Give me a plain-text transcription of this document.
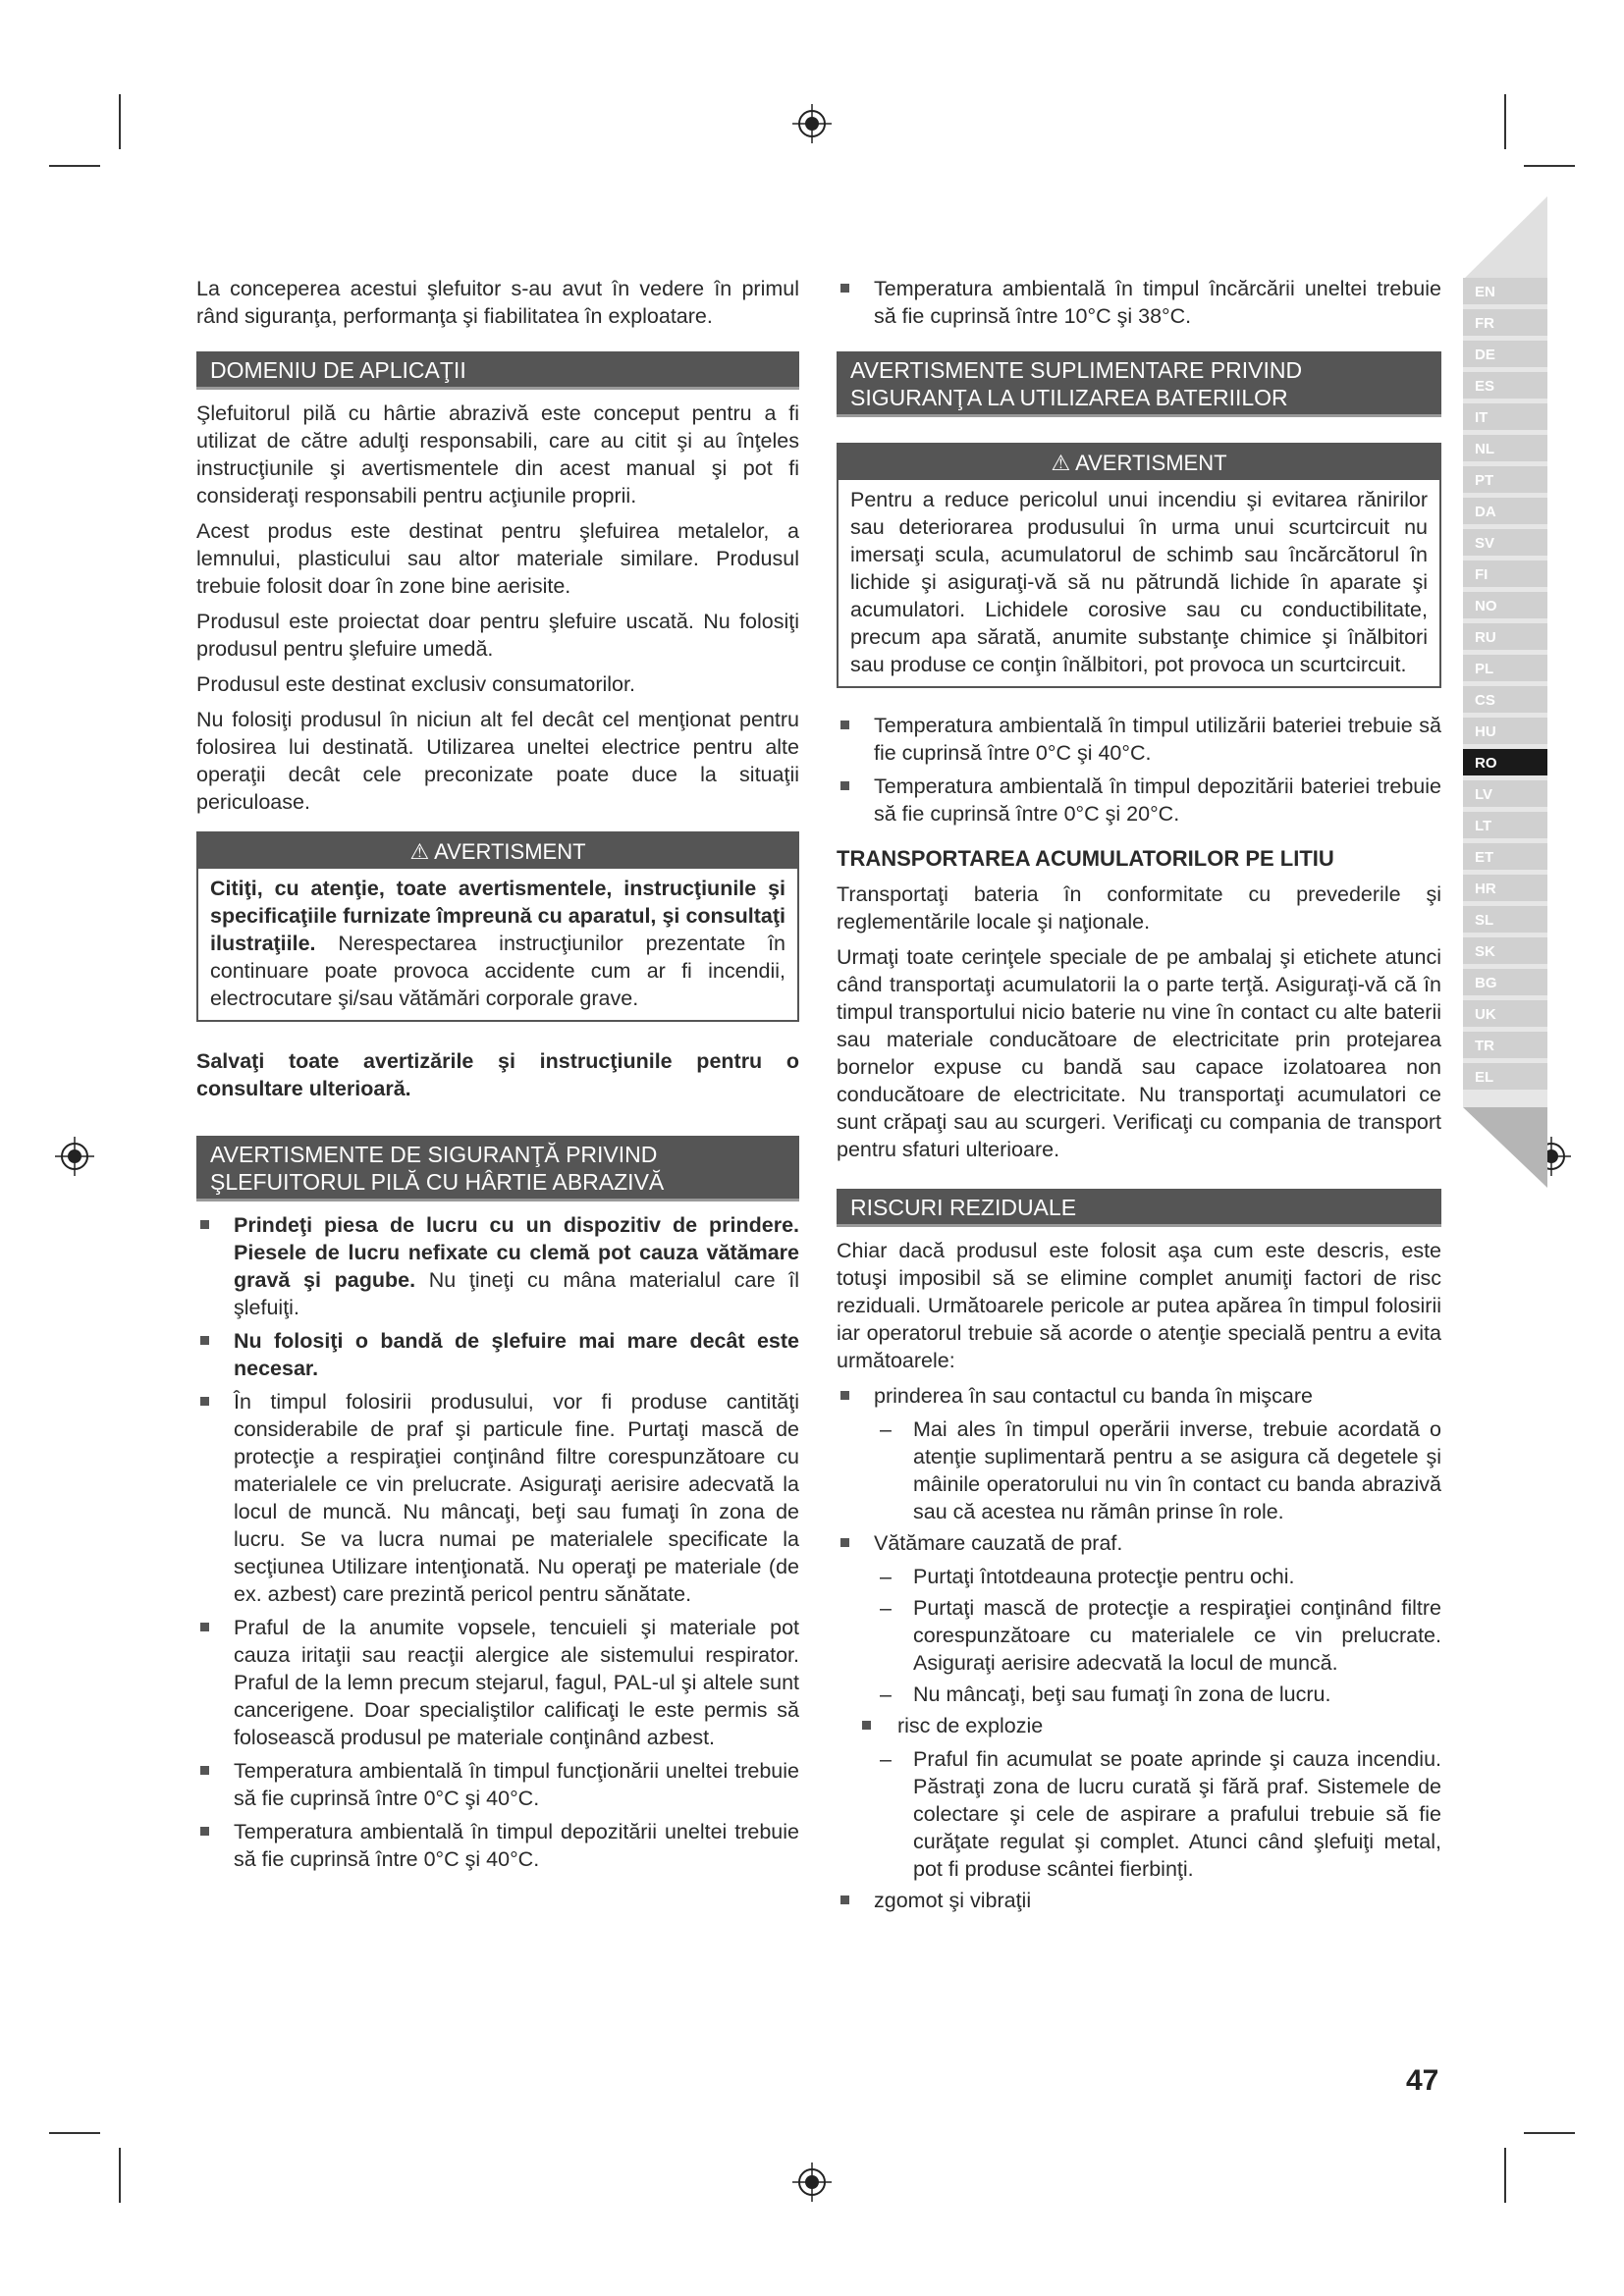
EN
FR
DE
ES
IT
NL
PT
DA
SV
FI
NO
RU
PL
CS
HU
RO
LV
LT
ET
HR
SL
SK
BG
UK
TR
EL

La conceperea acestui şlefuitor s-au avut în vedere în primul rând siguranţa, performanţa şi fiabilitatea în exploatare.

DOMENIU DE APLICAŢII

Şlefuitorul pilă cu hârtie abrazivă este conceput pentru a fi utilizat de către adulţi responsabili, care au citit şi au înţeles instrucţiunile şi avertismentele din acest manual şi pot fi consideraţi responsabili pentru acţiunile proprii.

Acest produs este destinat pentru şlefuirea metalelor, a lemnului, plasticului sau altor materiale similare. Produsul trebuie folosit doar în zone bine aerisite.

Produsul este proiectat doar pentru şlefuire uscată. Nu folosiţi produsul pentru şlefuire umedă.

Produsul este destinat exclusiv consumatorilor.

Nu folosiţi produsul în niciun alt fel decât cel menţionat pentru folosirea lui destinată. Utilizarea uneltei electrice pentru alte operaţii decât cele preconizate poate duce la situaţii periculoase.

⚠ AVERTISMENT
Citiţi, cu atenţie, toate avertismentele, instrucţiunile şi specificaţiile furnizate împreună cu aparatul, şi consultaţi ilustraţiile. Nerespectarea instrucţiunilor prezentate în continuare poate provoca accidente cum ar fi incendii, electrocutare şi/sau vătămări corporale grave.

Salvaţi toate avertizările şi instrucţiunile pentru o consultare ulterioară.

AVERTISMENTE DE SIGURANŢĂ PRIVIND ŞLEFUITORUL PILĂ CU HÂRTIE ABRAZIVĂ
Prindeţi piesa de lucru cu un dispozitiv de prindere. Piesele de lucru nefixate cu clemă pot cauza vătămare gravă şi pagube. Nu ţineţi cu mâna materialul care îl şlefuiţi.
Nu folosiţi o bandă de şlefuire mai mare decât este necesar.
În timpul folosirii produsului, vor fi produse cantităţi considerabile de praf şi particule fine. Purtaţi mască de protecţie a respiraţiei conţinând filtre corespunzătoare cu materialele ce vin prelucrate. Asiguraţi aerisire adecvată la locul de muncă. Nu mâncaţi, beţi sau fumaţi în zona de lucru. Se va lucra numai pe materialele specificate la secţiunea Utilizare intenţionată. Nu operaţi pe materiale (de ex. azbest) care prezintă pericol pentru sănătate.
Praful de la anumite vopsele, tencuieli şi materiale pot cauza iritaţii sau reacţii alergice ale sistemului respirator. Praful de la lemn precum stejarul, fagul, PAL-ul şi altele sunt cancerigene. Doar specialiştilor calificaţi le este permis să folosească produsul pe materiale conţinând azbest.
Temperatura ambientală în timpul funcţionării uneltei trebuie să fie cuprinsă între 0°C şi 40°C.
Temperatura ambientală în timpul depozitării uneltei trebuie să fie cuprinsă între 0°C şi 40°C.
Temperatura ambientală în timpul încărcării uneltei trebuie să fie cuprinsă între 10°C şi 38°C.
AVERTISMENTE SUPLIMENTARE PRIVIND SIGURANŢA LA UTILIZAREA BATERIILOR
⚠ AVERTISMENT
Pentru a reduce pericolul unui incendiu şi evitarea rănirilor sau deteriorarea produsului în urma unui scurtcircuit nu imersaţi scula, acumulatorul de schimb sau încărcătorul în lichide şi asiguraţi-vă să nu pătrundă lichide în aparate şi acumulatori. Lichidele corosive sau cu conductibilitate, precum apa sărată, anumite substanţe chimice şi înălbitori sau produse ce conţin înălbitori, pot provoca un scurtcircuit.
Temperatura ambientală în timpul utilizării bateriei trebuie să fie cuprinsă între 0°C şi 40°C.
Temperatura ambientală în timpul depozitării bateriei trebuie să fie cuprinsă între 0°C şi 20°C.
TRANSPORTAREA ACUMULATORILOR PE LITIU

Transportaţi bateria în conformitate cu prevederile şi reglementările locale şi naţionale.

Urmaţi toate cerinţele speciale de pe ambalaj şi etichete atunci când transportaţi acumulatorii la o parte terţă. Asiguraţi-vă că în timpul transportului nicio baterie nu vine în contact cu alte baterii sau materiale conducătoare de electricitate prin protejarea bornelor expuse cu bandă sau capace izolatoarea non conducătoare de electricitate. Nu transportaţi acumulatori ce sunt crăpaţi sau au scurgeri. Verificaţi cu compania de transport pentru sfaturi ulterioare.

RISCURI REZIDUALE

Chiar dacă produsul este folosit aşa cum este descris, este totuşi imposibil să se elimine complet anumiţi factori de risc reziduali. Următoarele pericole ar putea apărea în timpul folosirii iar operatorul trebuie să acorde o atenţie specială pentru a evita următoarele:

prinderea în sau contactul cu banda în mişcare
– Mai ales în timpul operării inverse, trebuie acordată o atenţie suplimentară pentru a se asigura că degetele şi mâinile operatorului nu vin în contact cu banda abrazivă sau că acestea nu rămân prinse în role.
Vătămare cauzată de praf.
– Purtaţi întotdeauna protecţie pentru ochi.
– Purtaţi mască de protecţie a respiraţiei conţinând filtre corespunzătoare cu materialele ce vin prelucrate. Asiguraţi aerisire adecvată la locul de muncă.
– Nu mâncaţi, beţi sau fumaţi în zona de lucru.
risc de explozie
– Praful fin acumulat se poate aprinde şi cauza incendiu. Păstraţi zona de lucru curată şi fără praf. Sistemele de colectare şi cele de aspirare a prafului trebuie să fie curăţate regulat şi complet. Atunci când şlefuiţi metal, pot fi produse scântei fierbinţi.
zgomot şi vibraţii
47
